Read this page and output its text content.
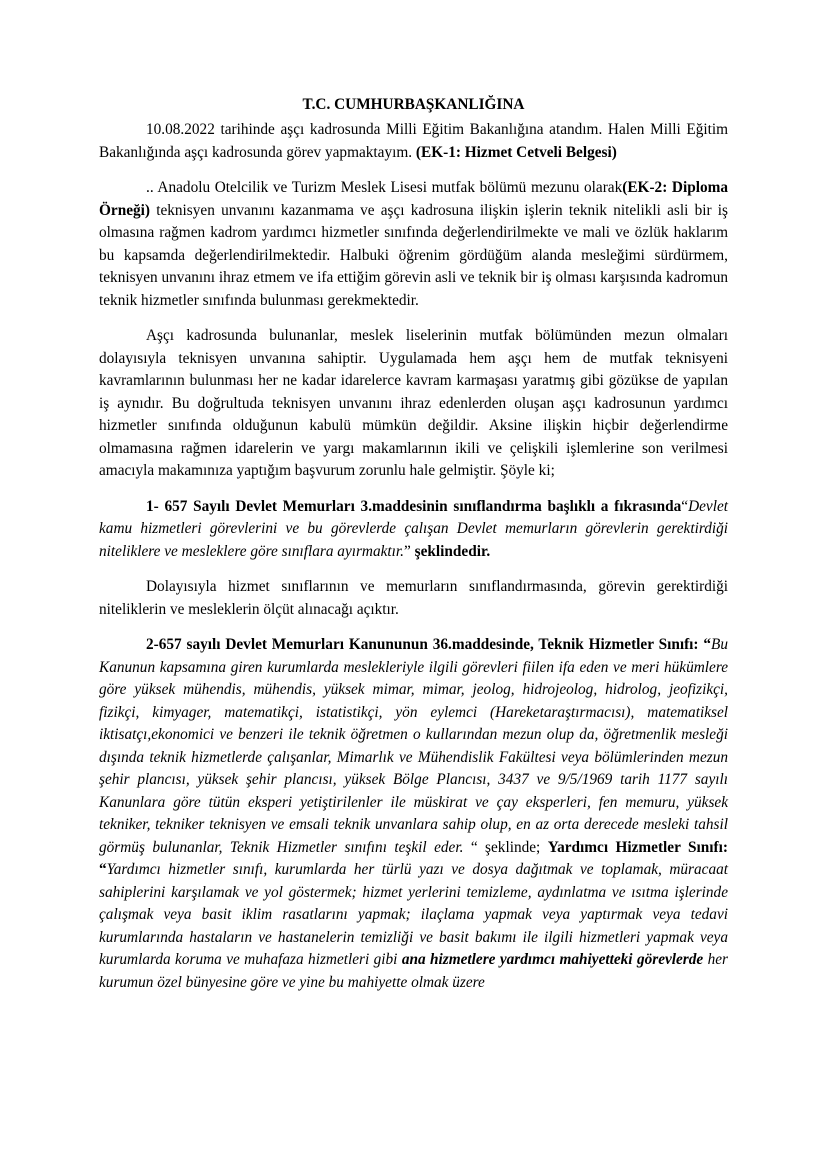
T.C. CUMHURBAŞKANLIĞINA

10.08.2022 tarihinde aşçı kadrosunda Milli Eğitim Bakanlığına atandım. Halen Milli Eğitim Bakanlığında aşçı kadrosunda görev yapmaktayım. (EK-1: Hizmet Cetveli Belgesi)

.. Anadolu Otelcilik ve Turizm Meslek Lisesi mutfak bölümü mezunu olarak(EK-2: Diploma Örneği) teknisyen unvanını kazanmama ve aşçı kadrosuna ilişkin işlerin teknik nitelikli asli bir iş olmasına rağmen kadrom yardımcı hizmetler sınıfında değerlendirilmekte ve mali ve özlük haklarım bu kapsamda değerlendirilmektedir. Halbuki öğrenim gördüğüm alanda mesleğimi sürdürmem, teknisyen unvanını ihraz etmem ve ifa ettiğim görevin asli ve teknik bir iş olması karşısında kadromun teknik hizmetler sınıfında bulunması gerekmektedir.

Aşçı kadrosunda bulunanlar, meslek liselerinin mutfak bölümünden mezun olmaları dolayısıyla teknisyen unvanına sahiptir. Uygulamada hem aşçı hem de mutfak teknisyeni kavramlarının bulunması her ne kadar idarelerce kavram karmaşası yaratmış gibi gözükse de yapılan iş aynıdır. Bu doğrultuda teknisyen unvanını ihraz edenlerden oluşan aşçı kadrosunun yardımcı hizmetler sınıfında olduğunun kabulü mümkün değildir. Aksine ilişkin hiçbir değerlendirme olmamasına rağmen idarelerin ve yargı makamlarının ikili ve çelişkili işlemlerine son verilmesi amacıyla makamınıza yaptığım başvurum zorunlu hale gelmiştir. Şöyle ki;

1- 657 Sayılı Devlet Memurları 3.maddesinin sınıflandırma başlıklı a fıkrasında“Devlet kamu hizmetleri görevlerini ve bu görevlerde çalışan Devlet memurların görevlerin gerektirdiği niteliklere ve mesleklere göre sınıflara ayırmaktır.” şeklindedir.

Dolayısıyla hizmet sınıflarının ve memurların sınıflandırmasında, görevin gerektirdiği niteliklerin ve mesleklerin ölçüt alınacağı açıktır.

2-657 sayılı Devlet Memurları Kanununun 36.maddesinde, Teknik Hizmetler Sınıfı: “Bu Kanunun kapsamına giren kurumlarda meslekleriyle ilgili görevleri fiilen ifa eden ve meri hükümlere göre yüksek mühendis, mühendis, yüksek mimar, mimar, jeolog, hidrojeolog, hidrolog, jeofizikçi, fizikçi, kimyager, matematikçi, istatistikçi, yön eylemci (Hareketaraştırmacısı), matematiksel iktisatçı,ekonomici ve benzeri ile teknik öğretmen o kullarından mezun olup da, öğretmenlik mesleği dışında teknik hizmetlerde çalışanlar, Mimarlık ve Mühendislik Fakültesi veya bölümlerinden mezun şehir plancısı, yüksek şehir plancısı, yüksek Bölge Plancısı, 3437 ve 9/5/1969 tarih 1177 sayılı Kanunlara göre tütün eksperi yetiştirilenler ile müskirat ve çay eksperleri, fen memuru, yüksek tekniker, tekniker teknisyen ve emsali teknik unvanlara sahip olup, en az orta derecede mesleki tahsil görmüş bulunanlar, Teknik Hizmetler sınıfını teşkil eder. “ şeklinde; Yardımcı Hizmetler Sınıfı: “Yardımcı hizmetler sınıfı, kurumlarda her türlü yazı ve dosya dağıtmak ve toplamak, müracaat sahiplerini karşılamak ve yol göstermek; hizmet yerlerini temizleme, aydınlatma ve ısıtma işlerinde çalışmak veya basit iklim rasatlarını yapmak; ilaçlama yapmak veya yaptırmak veya tedavi kurumlarında hastaların ve hastanelerin temizliği ve basit bakımı ile ilgili hizmetleri yapmak veya kurumlarda koruma ve muhafaza hizmetleri gibi ana hizmetlere yardımcı mahiyetteki görevlerde her kurumun özel bünyesine göre ve yine bu mahiyette olmak üzere
